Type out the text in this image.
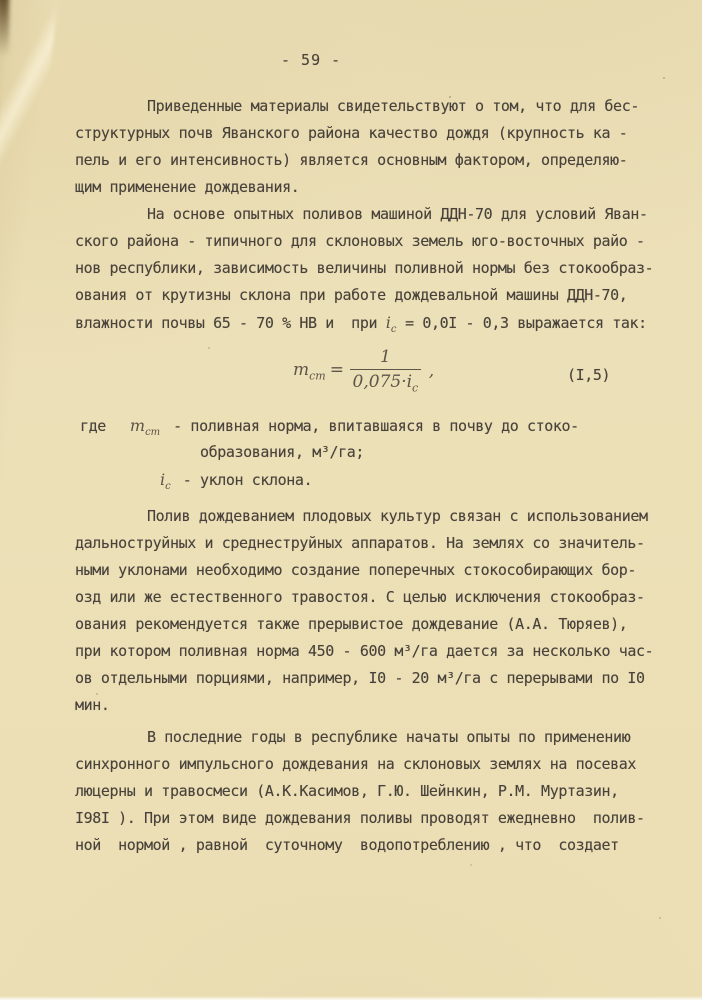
- 59 -
Приведенные материалы свидетельствуют о том, что для бес-
структурных почв Яванского района качество дождя (крупность ка -
пель и его интенсивность) является основным фактором, определяю-
щим применение дождевания.
На основе опытных поливов машиной ДДН-70 для условий Яван-
ского района - типичного для склоновых земель юго-восточных райо -
нов республики, зависимость величины поливной нормы без стокообраз-
ования от крутизны склона при работе дождевальной машины ДДН-70,
влажности почвы 65 - 70 % НВ и  при $i_с = 0,0I - 0,3$ выражается так:
$m_{ст} = \frac{1}{0,075\cdot i_с}$ ,	(I,5)
где $m_{ст}$ - поливная норма, впитавшаяся в почву до стоко-
образования, м³/га;
$i_с$ - уклон склона.
Полив дождеванием плодовых культур связан с использованием
дальноструйных и среднеструйных аппаратов. На землях со значитель-
ными уклонами необходимо создание поперечных стокособирающих бор-
озд или же естественного травостоя. С целью исключения стокообраз-
ования рекомендуется также прерывистое дождевание (А.А. Тюряев),
при котором поливная норма 450 - 600 м³/га дается за несколько час-
ов отдельными порциями, например, I0 - 20 м³/га с перерывами по I0
мин.
В последние годы в республике начаты опыты по применению
синхронного импульсного дождевания на склоновых землях на посевах
люцерны и травосмеси (А.К.Касимов, Г.Ю. Шейнкин, Р.М. Муртазин,
I98I ). При этом виде дождевания поливы проводят ежедневно  полив-
ной  нормой , равной  суточному  водопотреблению , что  создает
